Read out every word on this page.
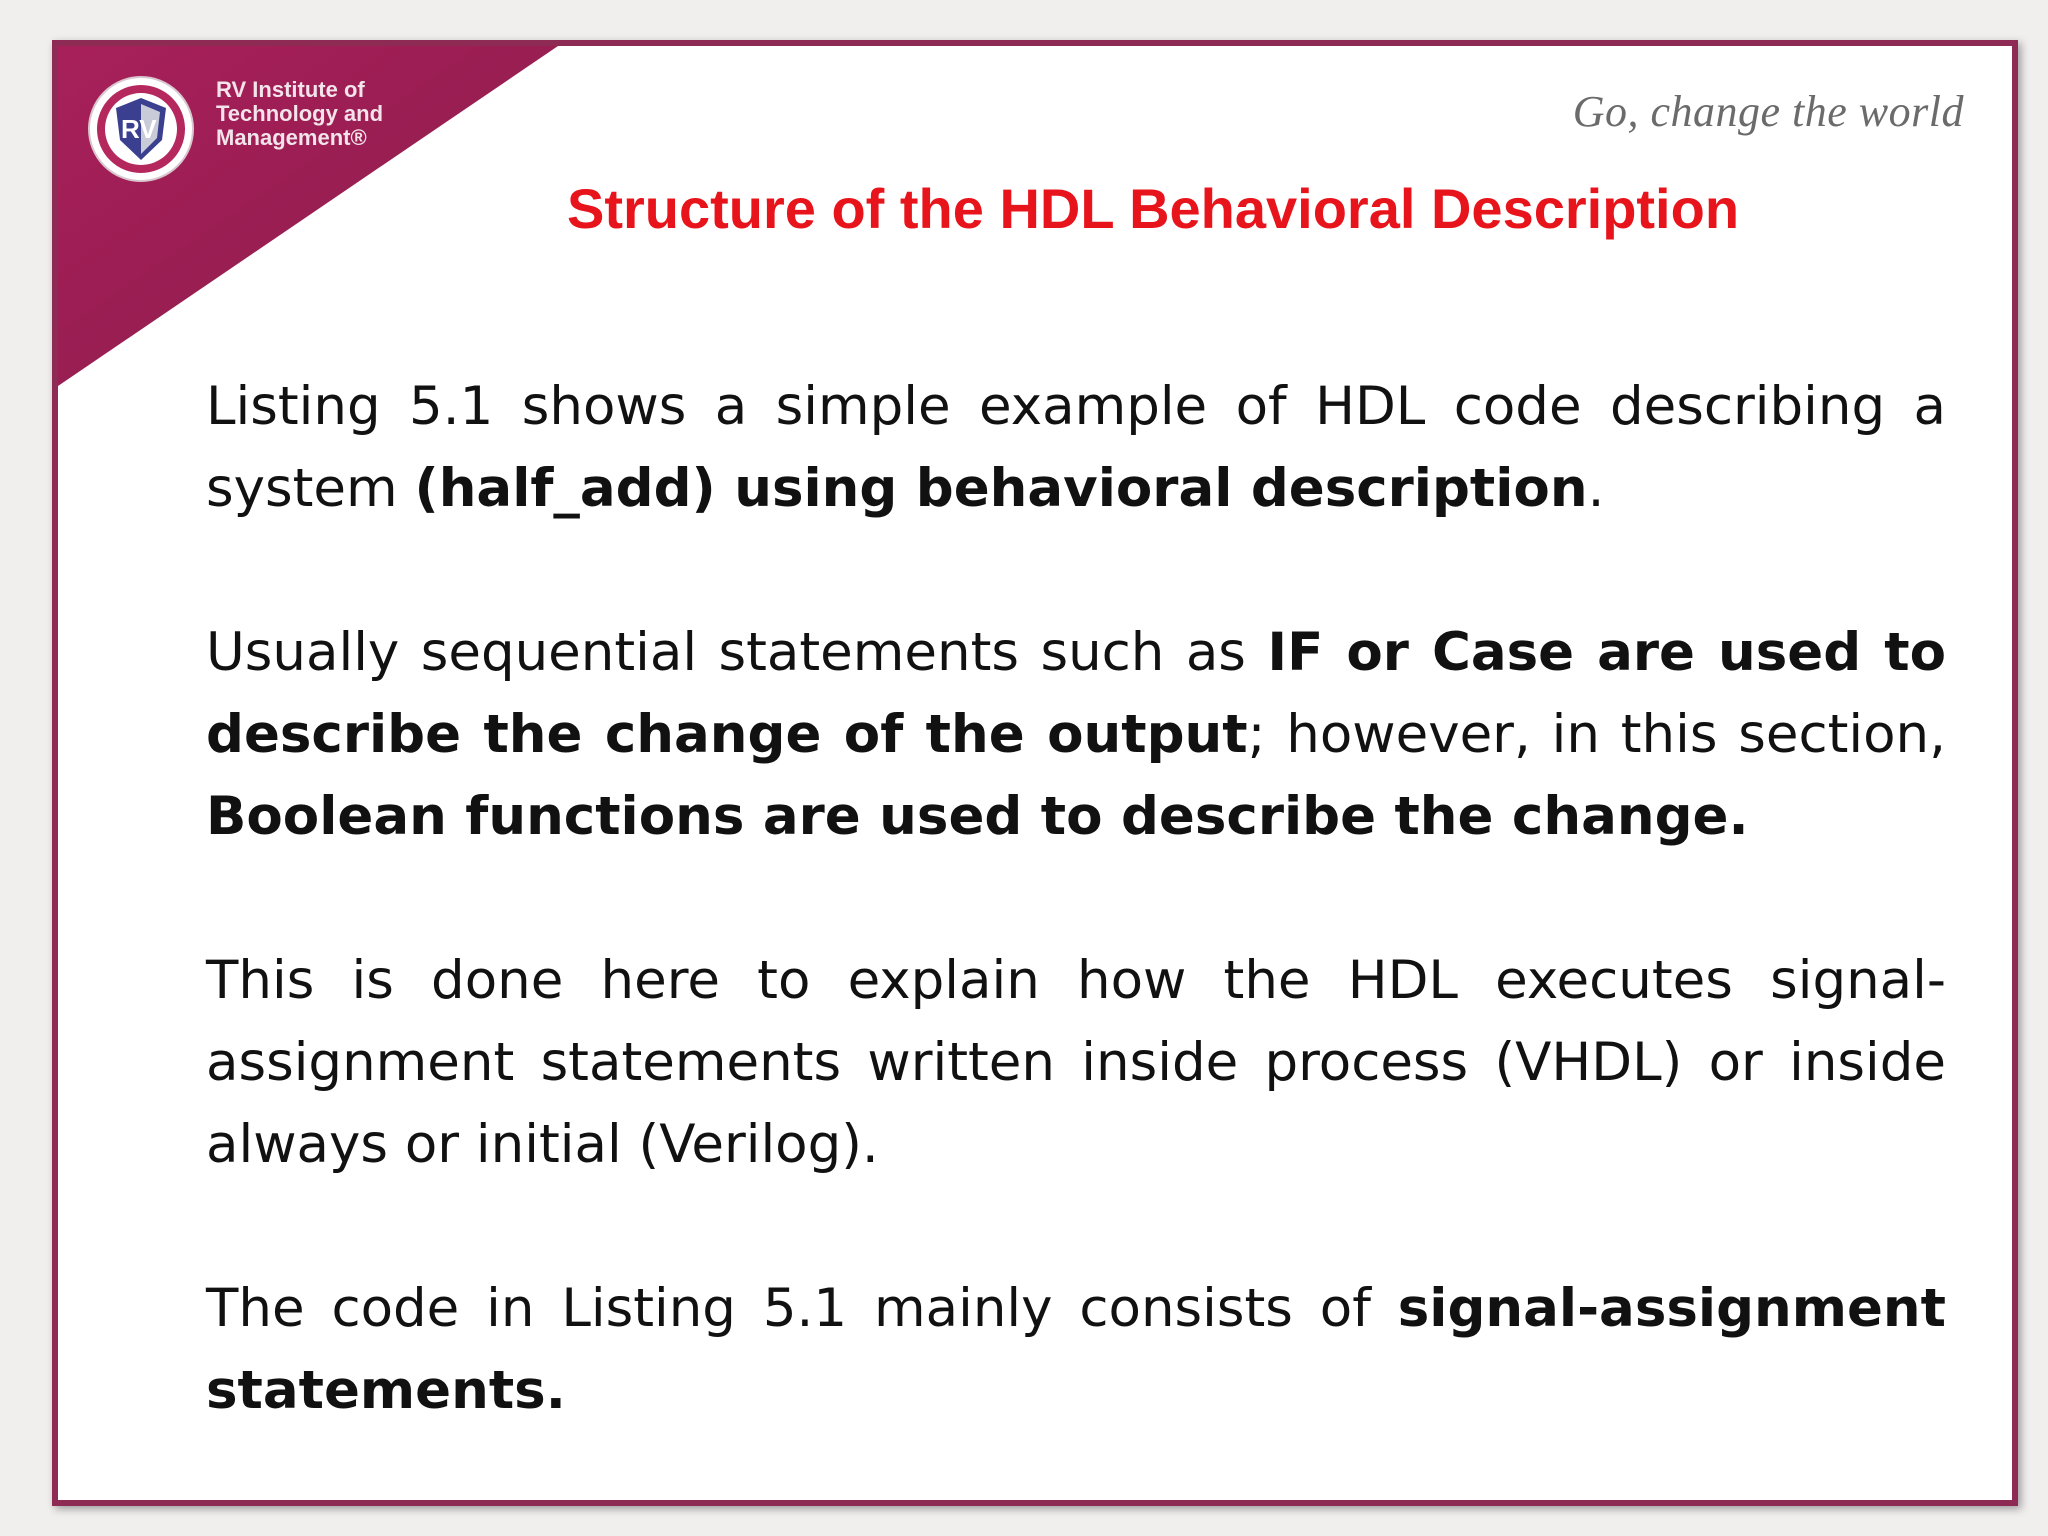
RV
RV Institute of
Technology and
Management®
Go, change the world
Structure of the HDL Behavioral Description

Listing 5.1 shows a simple example of HDL code describing a system (half_add) using behavioral description.

Usually sequential statements such as IF or Case are used to describe the change of the output; however, in this section, Boolean functions are used to describe the change.

This is done here to explain how the HDL executes signal-assignment statements written inside process (VHDL) or inside always or initial (Verilog).

The code in Listing 5.1 mainly consists of signal-assignment statements.
